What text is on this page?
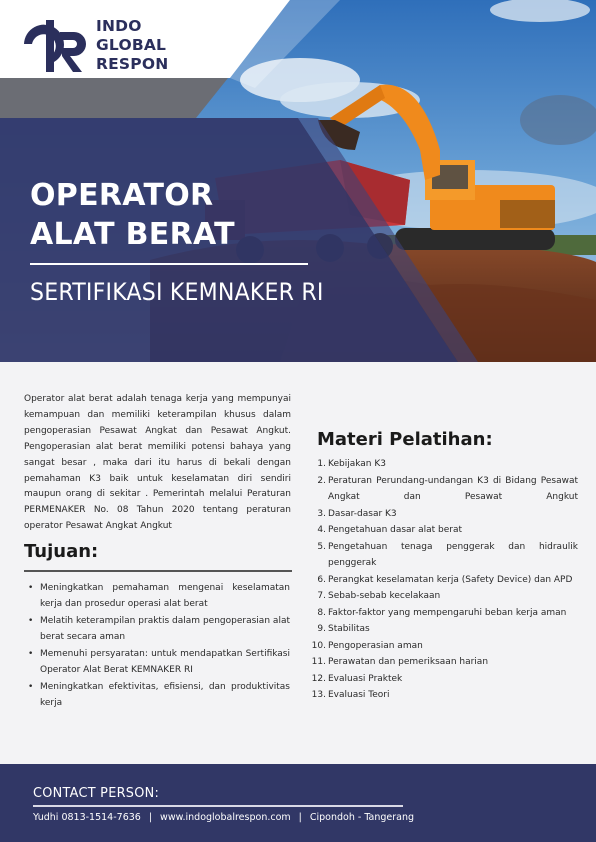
INDO
GLOBAL
RESPON
OPERATOR
ALAT BERAT
SERTIFIKASI KEMNAKER RI

Operator alat berat adalah tenaga kerja yang mempunyai kemampuan dan memiliki keterampilan khusus dalam pengoperasian Pesawat Angkat dan Pesawat Angkut. Pengoperasian alat berat memiliki potensi bahaya yang sangat besar , maka dari itu harus di bekali dengan pemahaman K3 baik untuk keselamatan diri sendiri maupun orang di sekitar . Pemerintah melalui Peraturan PERMENAKER No. 08 Tahun 2020 tentang peraturan operator Pesawat Angkat Angkut

Tujuan:
• Meningkatkan pemahaman mengenai keselamatan kerja dan prosedur operasi alat berat
• Melatih keterampilan praktis dalam pengoperasian alat berat secara aman
• Memenuhi persyaratan: untuk mendapatkan Sertifikasi Operator Alat Berat KEMNAKER RI
• Meningkatkan efektivitas, efisiensi, dan produktivitas kerja
Materi Pelatihan:
1. Kebijakan K3
2. Peraturan Perundang-undangan K3 di Bidang Pesawat Angkat dan Pesawat Angkut
3. Dasar-dasar K3
4. Pengetahuan dasar alat berat
5. Pengetahuan tenaga penggerak dan hidraulik penggerak
6. Perangkat keselamatan kerja (Safety Device) dan APD
7. Sebab-sebab kecelakaan
8. Faktor-faktor yang mempengaruhi beban kerja aman
9. Stabilitas
10. Pengoperasian aman
11. Perawatan dan pemeriksaan harian
12. Evaluasi Praktek
13. Evaluasi Teori
CONTACT PERSON:
Yudhi 0813-1514-7636 | www.indoglobalrespon.com | Cipondoh - Tangerang
